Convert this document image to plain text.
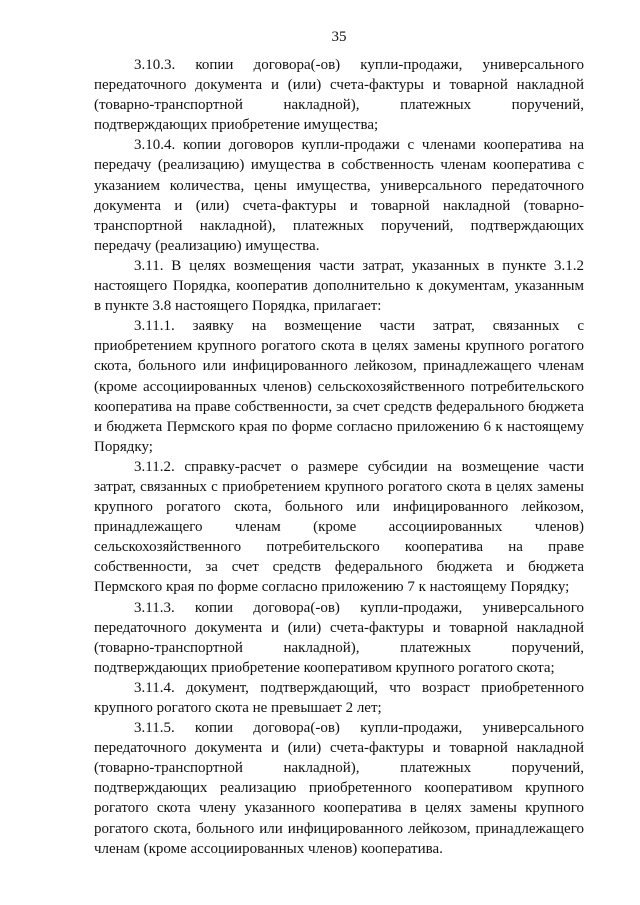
35

3.10.3. копии договора(-ов) купли-продажи, универсального передаточного документа и (или) счета-фактуры и товарной накладной (товарно-транспортной накладной), платежных поручений, подтверждающих приобретение имущества;

3.10.4. копии договоров купли-продажи с членами кооператива на передачу (реализацию) имущества в собственность членам кооператива с указанием количества, цены имущества, универсального передаточного документа и (или) счета-фактуры и товарной накладной (товарно-транспортной накладной), платежных поручений, подтверждающих передачу (реализацию) имущества.

3.11. В целях возмещения части затрат, указанных в пункте 3.1.2 настоящего Порядка, кооператив дополнительно к документам, указанным в пункте 3.8 настоящего Порядка, прилагает:

3.11.1. заявку на возмещение части затрат, связанных с приобретением крупного рогатого скота в целях замены крупного рогатого скота, больного или инфицированного лейкозом, принадлежащего членам (кроме ассоциированных членов) сельскохозяйственного потребительского кооператива на праве собственности, за счет средств федерального бюджета и бюджета Пермского края по форме согласно приложению 6 к настоящему Порядку;

3.11.2. справку-расчет о размере субсидии на возмещение части затрат, связанных с приобретением крупного рогатого скота в целях замены крупного рогатого скота, больного или инфицированного лейкозом, принадлежащего членам (кроме ассоциированных членов) сельскохозяйственного потребительского кооператива на праве собственности, за счет средств федерального бюджета и бюджета Пермского края по форме согласно приложению 7 к настоящему Порядку;

3.11.3. копии договора(-ов) купли-продажи, универсального передаточного документа и (или) счета-фактуры и товарной накладной (товарно-транспортной накладной), платежных поручений, подтверждающих приобретение кооперативом крупного рогатого скота;

3.11.4. документ, подтверждающий, что возраст приобретенного крупного рогатого скота не превышает 2 лет;

3.11.5. копии договора(-ов) купли-продажи, универсального передаточного документа и (или) счета-фактуры и товарной накладной (товарно-транспортной накладной), платежных поручений, подтверждающих реализацию приобретенного кооперативом крупного рогатого скота члену указанного кооператива в целях замены крупного рогатого скота, больного или инфицированного лейкозом, принадлежащего членам (кроме ассоциированных членов) кооператива.
